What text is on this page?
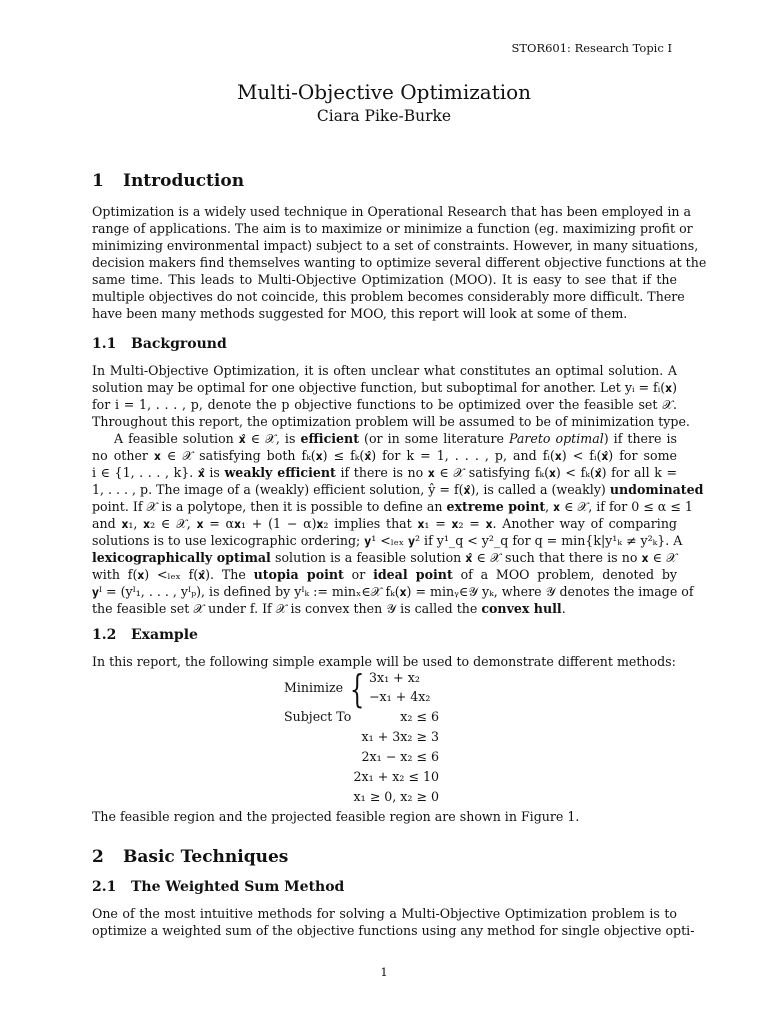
STOR601: Research Topic I
Multi-Objective Optimization
Ciara Pike-Burke
1 Introduction
Optimization is a widely used technique in Operational Research that has been employed in a
range of applications. The aim is to maximize or minimize a function (eg. maximizing profit or
minimizing environmental impact) subject to a set of constraints. However, in many situations,
decision makers find themselves wanting to optimize several different objective functions at the
same time. This leads to Multi-Objective Optimization (MOO). It is easy to see that if the
multiple objectives do not coincide, this problem becomes considerably more difficult. There
have been many methods suggested for MOO, this report will look at some of them.
1.1 Background
In Multi-Objective Optimization, it is often unclear what constitutes an optimal solution. A
solution may be optimal for one objective function, but suboptimal for another. Let yᵢ = fᵢ(𝐱)
for i = 1, . . . , p, denote the p objective functions to be optimized over the feasible set 𝒳.
Throughout this report, the optimization problem will be assumed to be of minimization type.
A feasible solution 𝐱̂ ∈ 𝒳, is efficient (or in some literature Pareto optimal) if there is
no other 𝐱 ∈ 𝒳 satisfying both fₖ(𝐱) ≤ fₖ(𝐱̂) for k = 1, . . . , p, and fᵢ(𝐱) < fᵢ(𝐱̂) for some
i ∈ {1, . . . , k}. 𝐱̂ is weakly efficient if there is no 𝐱 ∈ 𝒳 satisfying fₖ(𝐱) < fₖ(𝐱̂) for all k =
1, . . . , p. The image of a (weakly) efficient solution, ŷ = f(𝐱̂), is called a (weakly) undominated
point. If 𝒳 is a polytope, then it is possible to define an extreme point, 𝐱 ∈ 𝒳, if for 0 ≤ α ≤ 1
and 𝐱₁, 𝐱₂ ∈ 𝒳, 𝐱 = α𝐱₁ + (1 − α)𝐱₂ implies that 𝐱₁ = 𝐱₂ = 𝐱. Another way of comparing
solutions is to use lexicographic ordering; 𝐲¹ <ₗₑₓ 𝐲² if y¹_q < y²_q for q = min{k|y¹ₖ ≠ y²ₖ}. A
lexicographically optimal solution is a feasible solution 𝐱̂ ∈ 𝒳 such that there is no 𝐱 ∈ 𝒳
with f(𝐱) <ₗₑₓ f(𝐱̂). The utopia point or ideal point of a MOO problem, denoted by
𝐲ᴵ = (yᴵ₁, . . . , yᴵₚ), is defined by yᴵₖ := minₓ∈𝒳 fₖ(𝐱) = minᵧ∈𝒴 yₖ, where 𝒴 denotes the image of
the feasible set 𝒳 under f. If 𝒳 is convex then 𝒴 is called the convex hull.
1.2 Example
In this report, the following simple example will be used to demonstrate different methods:
Minimize { 3x₁ + x₂
−x₁ + 4x₂
Subject To	x₂ ≤ 6
x₁ + 3x₂ ≥ 3
2x₁ − x₂ ≤ 6
2x₁ + x₂ ≤ 10
x₁ ≥ 0, x₂ ≥ 0
The feasible region and the projected feasible region are shown in Figure 1.
2 Basic Techniques
2.1 The Weighted Sum Method
One of the most intuitive methods for solving a Multi-Objective Optimization problem is to
optimize a weighted sum of the objective functions using any method for single objective opti-
1
